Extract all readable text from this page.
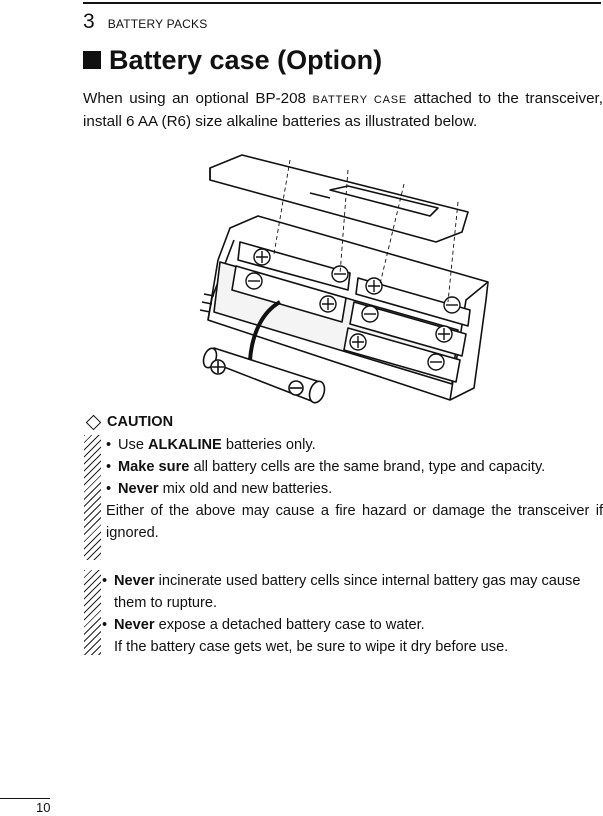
3 BATTERY PACKS
Battery case (Option)

When using an optional BP-208 BATTERY CASE attached to the transceiver, install 6 AA (R6) size alkaline batteries as illustrated below.

CAUTION
• Use ALKALINE batteries only.
• Make sure all battery cells are the same brand, type and capacity.
• Never mix old and new batteries.
Either of the above may cause a fire hazard or damage the transceiver if ignored.
• Never incinerate used battery cells since internal battery gas may cause them to rupture.
• Never expose a detached battery case to water.
If the battery case gets wet, be sure to wipe it dry before use.
10
